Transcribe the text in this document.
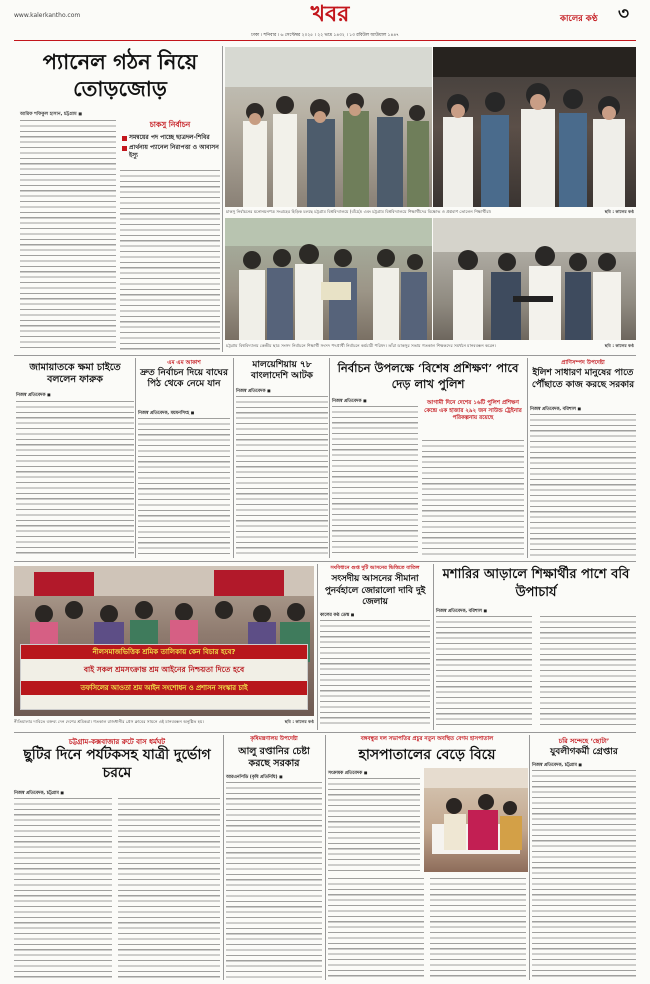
www.kalerkantho.com	খবর	কালের কণ্ঠ ৩
ঢাকা । শনিবার । ৬ সেপ্টেম্বর ২০২৫ । ২২ ভাদ্র ১৪৩২ । ১৩ রবিউল আউয়াল ১৪৪৭
প্যানেল গঠন নিয়ে তোড়জোড়
আরিফ শফিকুল হাসান, চট্টগ্রাম ◼
চাকসু নির্বাচন
সমন্বয়ের পদ পাচ্ছে ছাত্রদল-শিবির
প্রার্থনায় প্যানেল নিরাপত্তা ও আবাসন ইস্যু
চাকসু নির্বাচনের মনোনয়নপত্র সংগ্রহের হিড়িক চলছে চট্টগ্রাম বিশ্ববিদ্যালয়ে (বাঁয়ে)। এবং চট্টগ্রাম বিশ্ববিদ্যালয়ে শিক্ষার্থীদের বিক্ষোভ ও প্রশ্নবাণ তোলেন শিক্ষার্থীরা।	ছবি : কালের কণ্ঠ
চট্টগ্রাম বিশ্ববিদ্যালয় কেন্দ্রীয় ছাত্র সংসদ নির্বাচনে শিক্ষার্থী সংসদ পদপ্রার্থী নির্বাচনে কর্মচারী পরিষদ। তাঁরা ডাকসুর সভায় গতকাল শিক্ষকদের সমর্থনে মানববন্ধন করেন।	ছবি : কালের কণ্ঠ
জামায়াতকে ক্ষমা চাইতে বললেন ফারুক
নিজস্ব প্রতিবেদক ◼
এম এম আকাশ
দ্রুত নির্বাচন দিয়ে বাঘের পিঠ থেকে নেমে যান
নিজস্ব প্রতিবেদক, ময়মনসিংহ ◼
মালয়েশিয়ায় ৭৮ বাংলাদেশি আটক
নিজস্ব প্রতিবেদক ◼
নির্বাচন উপলক্ষে ‘বিশেষ প্রশিক্ষণ’ পাবে দেড় লাখ পুলিশ
নিজস্ব প্রতিবেদক ◼	আগামী দিনে দেশের ১৬টি পুলিশ প্রশিক্ষণ কেন্দ্রে এক হাজার ২৯২ জন সাউন্ড ট্রেইনার পরিকল্পনায় রয়েছে
প্রাণিসম্পদ উপদেষ্টা
ইলিশ সাধারণ মানুষের পাতে পৌঁছাতে কাজ করছে সরকার
নিজস্ব প্রতিবেদক, বরিশাল ◼
নীলসমাজভিত্তিক শ্রমিক তালিকায় কেন বিচার হবে?
বাই সকল শ্রমসংক্রান্ত শ্রম আইনের নিশ্চয়তা দিতে হবে
তফসিলের আওতা শ্রম আইন সংশোধন ও প্রশাসন সংস্কার চাই
নীতিমালার দাবিতে বক্তব্য দেন দেশের শ্রমিকরা। গতকাল রাজধানীর প্রেস ক্লাবের সামনে এই মানববন্ধন অনুষ্ঠিত হয়।	ছবি : কালের কণ্ঠ
সংবিধানে গুপ্ত দুটি আসনের ভিত্তিতে বাতিল
সংসদীয় আসনের সীমানা পুনর্বহালে জোরালো দাবি দুই জেলায়
কালের কণ্ঠ ডেস্ক ◼
মশারির আড়ালে শিক্ষার্থীর পাশে ববি উপাচার্য
নিজস্ব প্রতিবেদক, বরিশাল ◼
চট্টগ্রাম-কক্সবাজার রুটে বাস ধর্মঘট
ছুটির দিনে পর্যটকসহ যাত্রী দুর্ভোগ চরমে
নিজস্ব প্রতিবেদক, চট্টগ্রাম ◼
কৃষিমন্ত্রণালয় উপদেষ্টা
আলু রপ্তানির চেষ্টা করছে সরকার
আরএনপিডি (কৃষি প্রতিনিধি) ◼
বঙ্গবন্ধুর দল সভাপতির প্রচুর নতুন অবস্থিত বেগম হাসপাতাল
হাসপাতালের বেড়ে বিয়ে
সংক্রামক প্রতিবেদক ◼
চরি সন্দেহে ‘ছোটা’
যুবলীগকর্মী গ্রেপ্তার
নিজস্ব প্রতিবেদক, চট্টগ্রাম ◼
